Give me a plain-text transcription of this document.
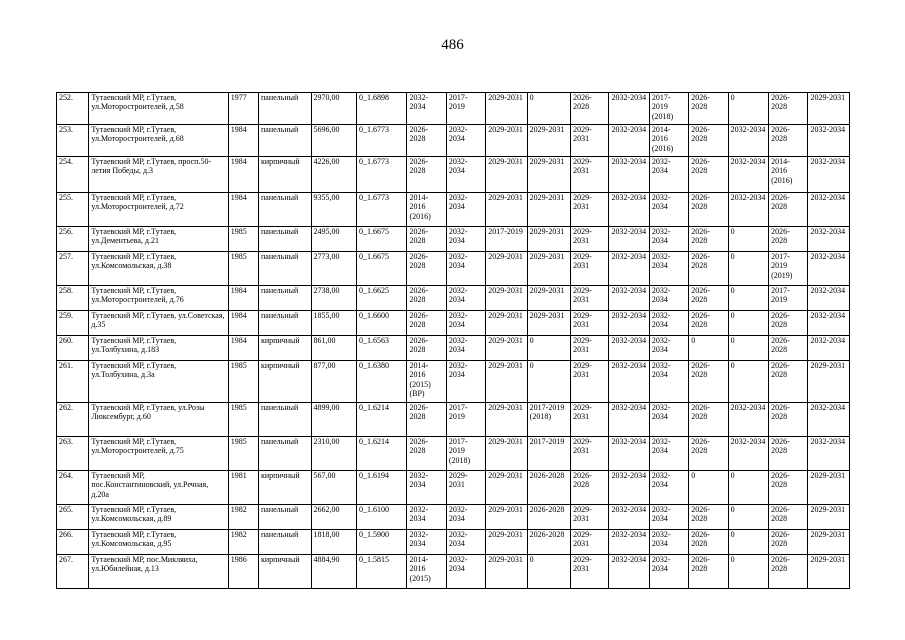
486
252.	Тутаевский МР, г.Тутаев, ул.Моторостроителей, д.58	1977	панельный	2970,00	0_1.6898	2032-2034	2017-2019	2029-2031	0	2026-2028	2032-2034	2017-2019 (2018)	2026-2028	0	2026-2028	2029-2031
253.	Тутаевский МР, г.Тутаев, ул.Моторостроителей, д.68	1984	панельный	5696,00	0_1.6773	2026-2028	2032-2034	2029-2031	2029-2031	2029-2031	2032-2034	2014-2016 (2016)	2026-2028	2032-2034	2026-2028	2032-2034
254.	Тутаевский МР, г.Тутаев, просп.50-летия Победы, д.3	1984	кирпичный	4226,00	0_1.6773	2026-2028	2032-2034	2029-2031	2029-2031	2029-2031	2032-2034	2032-2034	2026-2028	2032-2034	2014-2016 (2016)	2032-2034
255.	Тутаевский МР, г.Тутаев, ул.Моторостроителей, д.72	1984	панельный	9355,00	0_1.6773	2014-2016 (2016)	2032-2034	2029-2031	2029-2031	2029-2031	2032-2034	2032-2034	2026-2028	2032-2034	2026-2028	2032-2034
256.	Тутаевский МР, г.Тутаев, ул.Дементьева, д.21	1985	панельный	2495,00	0_1.6675	2026-2028	2032-2034	2017-2019	2029-2031	2029-2031	2032-2034	2032-2034	2026-2028	0	2026-2028	2032-2034
257.	Тутаевский МР, г.Тутаев, ул.Комсомольская, д.38	1985	панельный	2773,00	0_1.6675	2026-2028	2032-2034	2029-2031	2029-2031	2029-2031	2032-2034	2032-2034	2026-2028	0	2017-2019 (2019)	2032-2034
258.	Тутаевский МР, г.Тутаев, ул.Моторостроителей, д.76	1984	панельный	2738,00	0_1.6625	2026-2028	2032-2034	2029-2031	2029-2031	2029-2031	2032-2034	2032-2034	2026-2028	0	2017-2019	2032-2034
259.	Тутаевский МР, г.Тутаев, ул.Советская, д.35	1984	панельный	1855,00	0_1.6600	2026-2028	2032-2034	2029-2031	2029-2031	2029-2031	2032-2034	2032-2034	2026-2028	0	2026-2028	2032-2034
260.	Тутаевский МР, г.Тутаев, ул.Толбухина, д.183	1984	кирпичный	861,00	0_1.6563	2026-2028	2032-2034	2029-2031	0	2029-2031	2032-2034	2032-2034	0	0	2026-2028	2032-2034
261.	Тутаевский МР, г.Тутаев, ул.Толбухина, д.3а	1985	кирпичный	877,00	0_1.6380	2014-2016 (2015) (ВР)	2032-2034	2029-2031	0	2029-2031	2032-2034	2032-2034	2026-2028	0	2026-2028	2029-2031
262.	Тутаевский МР, г.Тутаев, ул.Розы Люксембург, д.60	1985	панельный	4899,00	0_1.6214	2026-2028	2017-2019	2029-2031	2017-2019 (2018)	2029-2031	2032-2034	2032-2034	2026-2028	2032-2034	2026-2028	2032-2034
263.	Тутаевский МР, г.Тутаев, ул.Моторостроителей, д.75	1985	панельный	2310,00	0_1.6214	2026-2028	2017-2019 (2018)	2029-2031	2017-2019	2029-2031	2032-2034	2032-2034	2026-2028	2032-2034	2026-2028	2032-2034
264.	Тутаевский МР, пос.Константиновский, ул.Речная, д.20а	1981	кирпичный	567,00	0_1.6194	2032-2034	2029-2031	2029-2031	2026-2028	2026-2028	2032-2034	2032-2034	0	0	2026-2028	2029-2031
265.	Тутаевский МР, г.Тутаев, ул.Комсомольская, д.89	1982	панельный	2662,00	0_1.6100	2032-2034	2032-2034	2029-2031	2026-2028	2029-2031	2032-2034	2032-2034	2026-2028	0	2026-2028	2029-2031
266.	Тутаевский МР, г.Тутаев, ул.Комсомольская, д.95	1982	панельный	1818,00	0_1.5900	2032-2034	2032-2034	2029-2031	2026-2028	2029-2031	2032-2034	2032-2034	2026-2028	0	2026-2028	2029-2031
267.	Тутаевский МР, пос.Микляиха, ул.Юбилейная, д.13	1986	кирпичный	4884,90	0_1.5815	2014-2016 (2015)	2032-2034	2029-2031	0	2029-2031	2032-2034	2032-2034	2026-2028	0	2026-2028	2029-2031
